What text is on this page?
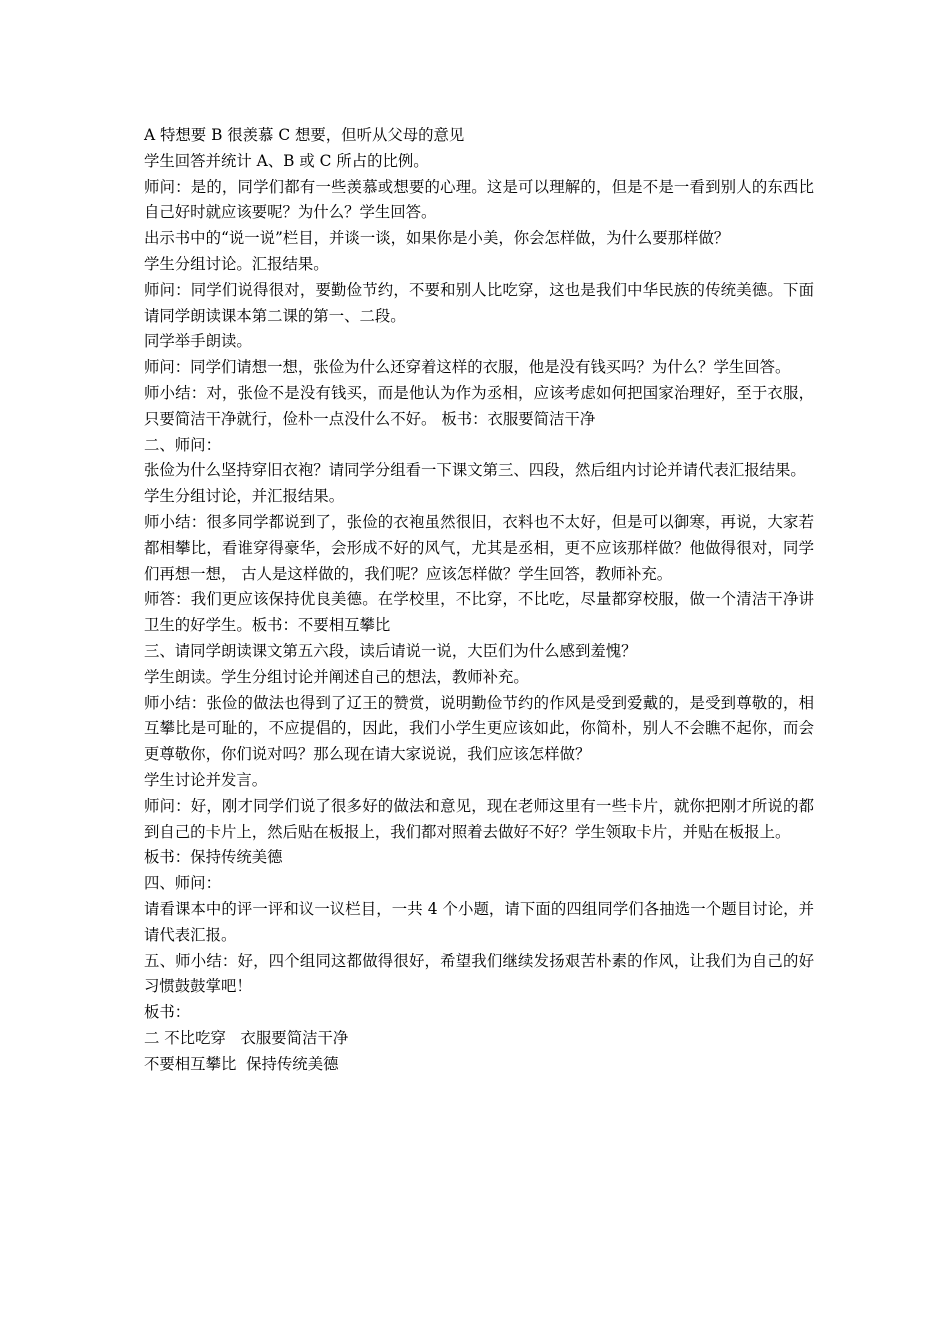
A 特想要 B 很羡慕 C 想要，但听从父母的意见

学生回答并统计 A、B 或 C 所占的比例。

师问：是的，同学们都有一些羡慕或想要的心理。这是可以理解的，但是不是一看到别人的东西比自己好时就应该要呢？为什么？学生回答。

出示书中的“说一说”栏目，并谈一谈，如果你是小美，你会怎样做，为什么要那样做？

学生分组讨论。汇报结果。

师问：同学们说得很对，要勤俭节约，不要和别人比吃穿，这也是我们中华民族的传统美德。下面请同学朗读课本第二课的第一、二段。

同学举手朗读。

师问：同学们请想一想，张俭为什么还穿着这样的衣服，他是没有钱买吗？为什么？学生回答。

师小结：对，张俭不是没有钱买，而是他认为作为丞相，应该考虑如何把国家治理好，至于衣服，只要简洁干净就行，俭朴一点没什么不好。 板书：衣服要简洁干净

二、师问：

张俭为什么坚持穿旧衣袍？请同学分组看一下课文第三、四段，然后组内讨论并请代表汇报结果。

学生分组讨论，并汇报结果。

师小结：很多同学都说到了，张俭的衣袍虽然很旧，衣料也不太好，但是可以御寒，再说，大家若都相攀比，看谁穿得豪华，会形成不好的风气，尤其是丞相，更不应该那样做？他做得很对，同学们再想一想， 古人是这样做的，我们呢？应该怎样做？学生回答，教师补充。

师答：我们更应该保持优良美德。在学校里，不比穿，不比吃，尽量都穿校服，做一个清洁干净讲卫生的好学生。板书：不要相互攀比

三、请同学朗读课文第五六段，读后请说一说，大臣们为什么感到羞愧？

学生朗读。学生分组讨论并阐述自己的想法，教师补充。

师小结：张俭的做法也得到了辽王的赞赏，说明勤俭节约的作风是受到爱戴的，是受到尊敬的，相互攀比是可耻的，不应提倡的，因此，我们小学生更应该如此，你简朴，别人不会瞧不起你，而会更尊敬你，你们说对吗？那么现在请大家说说，我们应该怎样做？

学生讨论并发言。

师问：好，刚才同学们说了很多好的做法和意见，现在老师这里有一些卡片，就你把刚才所说的都到自己的卡片上，然后贴在板报上，我们都对照着去做好不好？学生领取卡片，并贴在板报上。

板书：保持传统美德

四、师问：

请看课本中的评一评和议一议栏目，一共 4 个小题，请下面的四组同学们各抽选一个题目讨论，并请代表汇报。

五、师小结：好，四个组同这都做得很好，希望我们继续发扬艰苦朴素的作风，让我们为自己的好习惯鼓鼓掌吧！

板书：

二 不比吃穿   衣服要简洁干净

不要相互攀比  保持传统美德
